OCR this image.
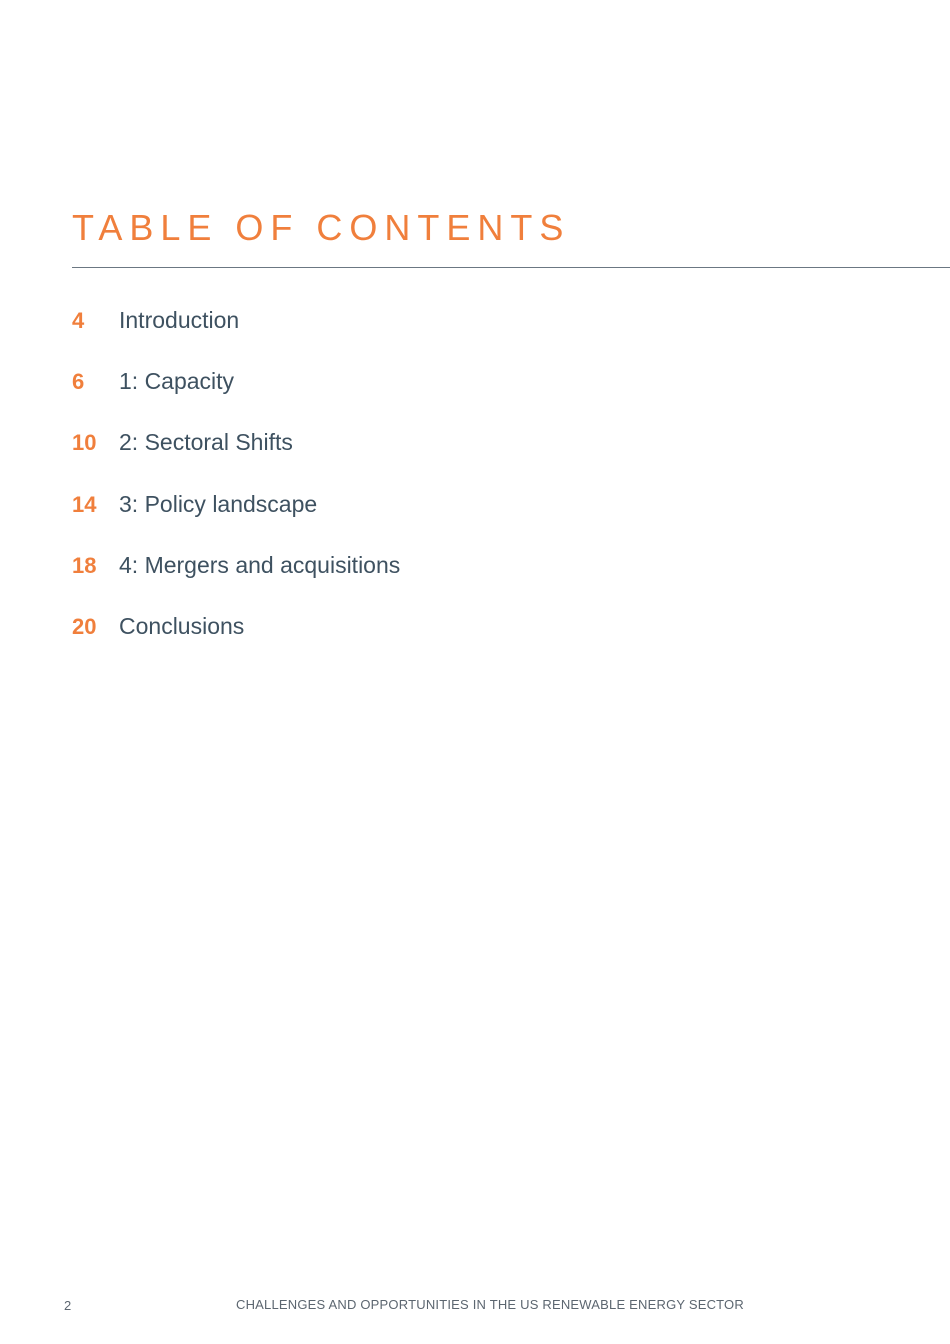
TABLE OF CONTENTS
4	Introduction
6	1: Capacity
10 2: Sectoral Shifts
14 3: Policy landscape
18 4: Mergers and acquisitions
20 Conclusions
2	CHALLENGES AND OPPORTUNITIES IN THE US RENEWABLE ENERGY SECTOR
